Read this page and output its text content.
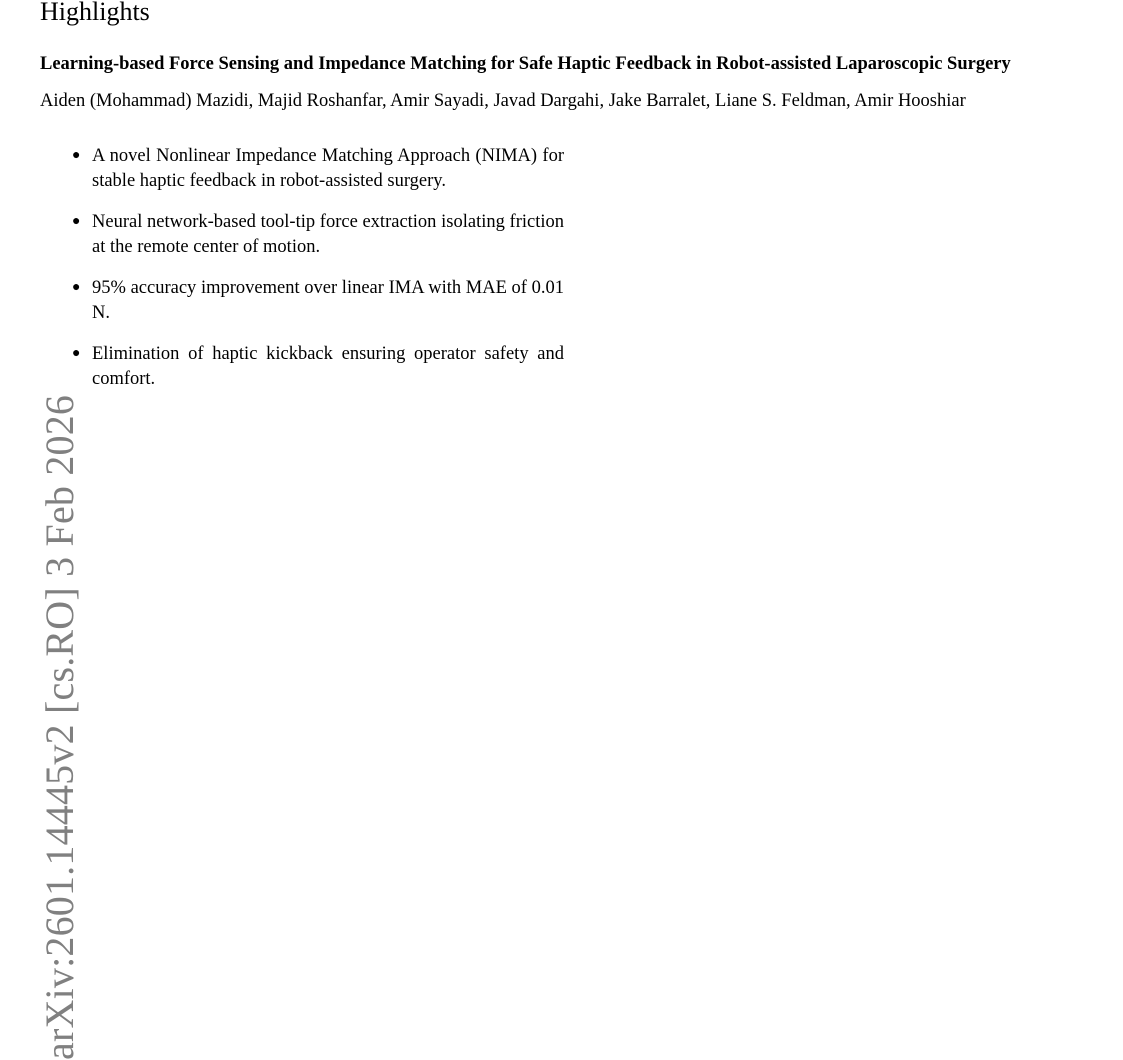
Highlights
Learning-based Force Sensing and Impedance Matching for Safe Haptic Feedback in Robot-assisted Laparoscopic Surgery

Aiden (Mohammad) Mazidi, Majid Roshanfar, Amir Sayadi, Javad Dargahi, Jake Barralet, Liane S. Feldman, Amir Hooshiar

● A novel Nonlinear Impedance Matching Approach (NIMA) for stable haptic feedback in robot-assisted surgery.
● Neural network-based tool-tip force extraction isolating friction at the remote center of motion.
● 95% accuracy improvement over linear IMA with MAE of 0.01 N.
● Elimination of haptic kickback ensuring operator safety and comfort.
arXiv:2601.14445v2 [cs.RO] 3 Feb 2026
